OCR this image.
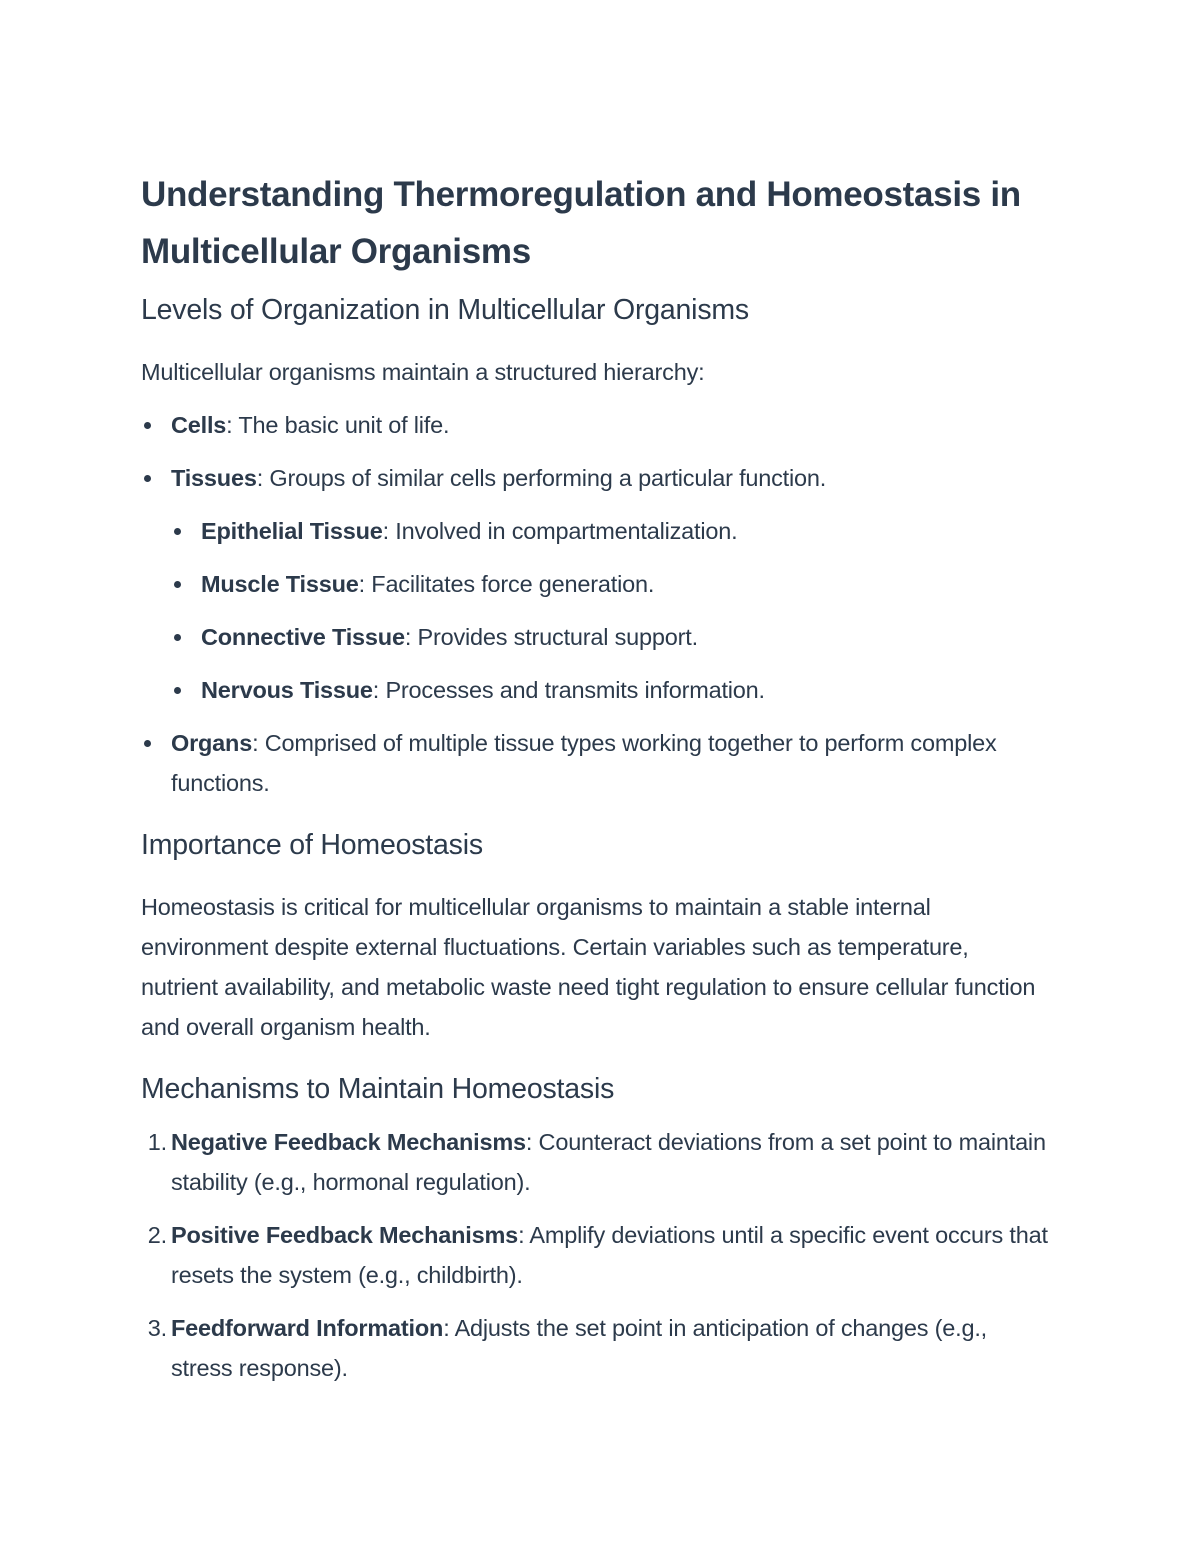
Understanding Thermoregulation and Homeostasis in Multicellular Organisms
Levels of Organization in Multicellular Organisms

Multicellular organisms maintain a structured hierarchy:

Cells: The basic unit of life.
Tissues: Groups of similar cells performing a particular function.
Epithelial Tissue: Involved in compartmentalization.
Muscle Tissue: Facilitates force generation.
Connective Tissue: Provides structural support.
Nervous Tissue: Processes and transmits information.
Organs: Comprised of multiple tissue types working together to perform complex functions.
Importance of Homeostasis

Homeostasis is critical for multicellular organisms to maintain a stable internal environment despite external fluctuations. Certain variables such as temperature, nutrient availability, and metabolic waste need tight regulation to ensure cellular function and overall organism health.

Mechanisms to Maintain Homeostasis
1. Negative Feedback Mechanisms: Counteract deviations from a set point to maintain stability (e.g., hormonal regulation).
2. Positive Feedback Mechanisms: Amplify deviations until a specific event occurs that resets the system (e.g., childbirth).
3. Feedforward Information: Adjusts the set point in anticipation of changes (e.g., stress response).
